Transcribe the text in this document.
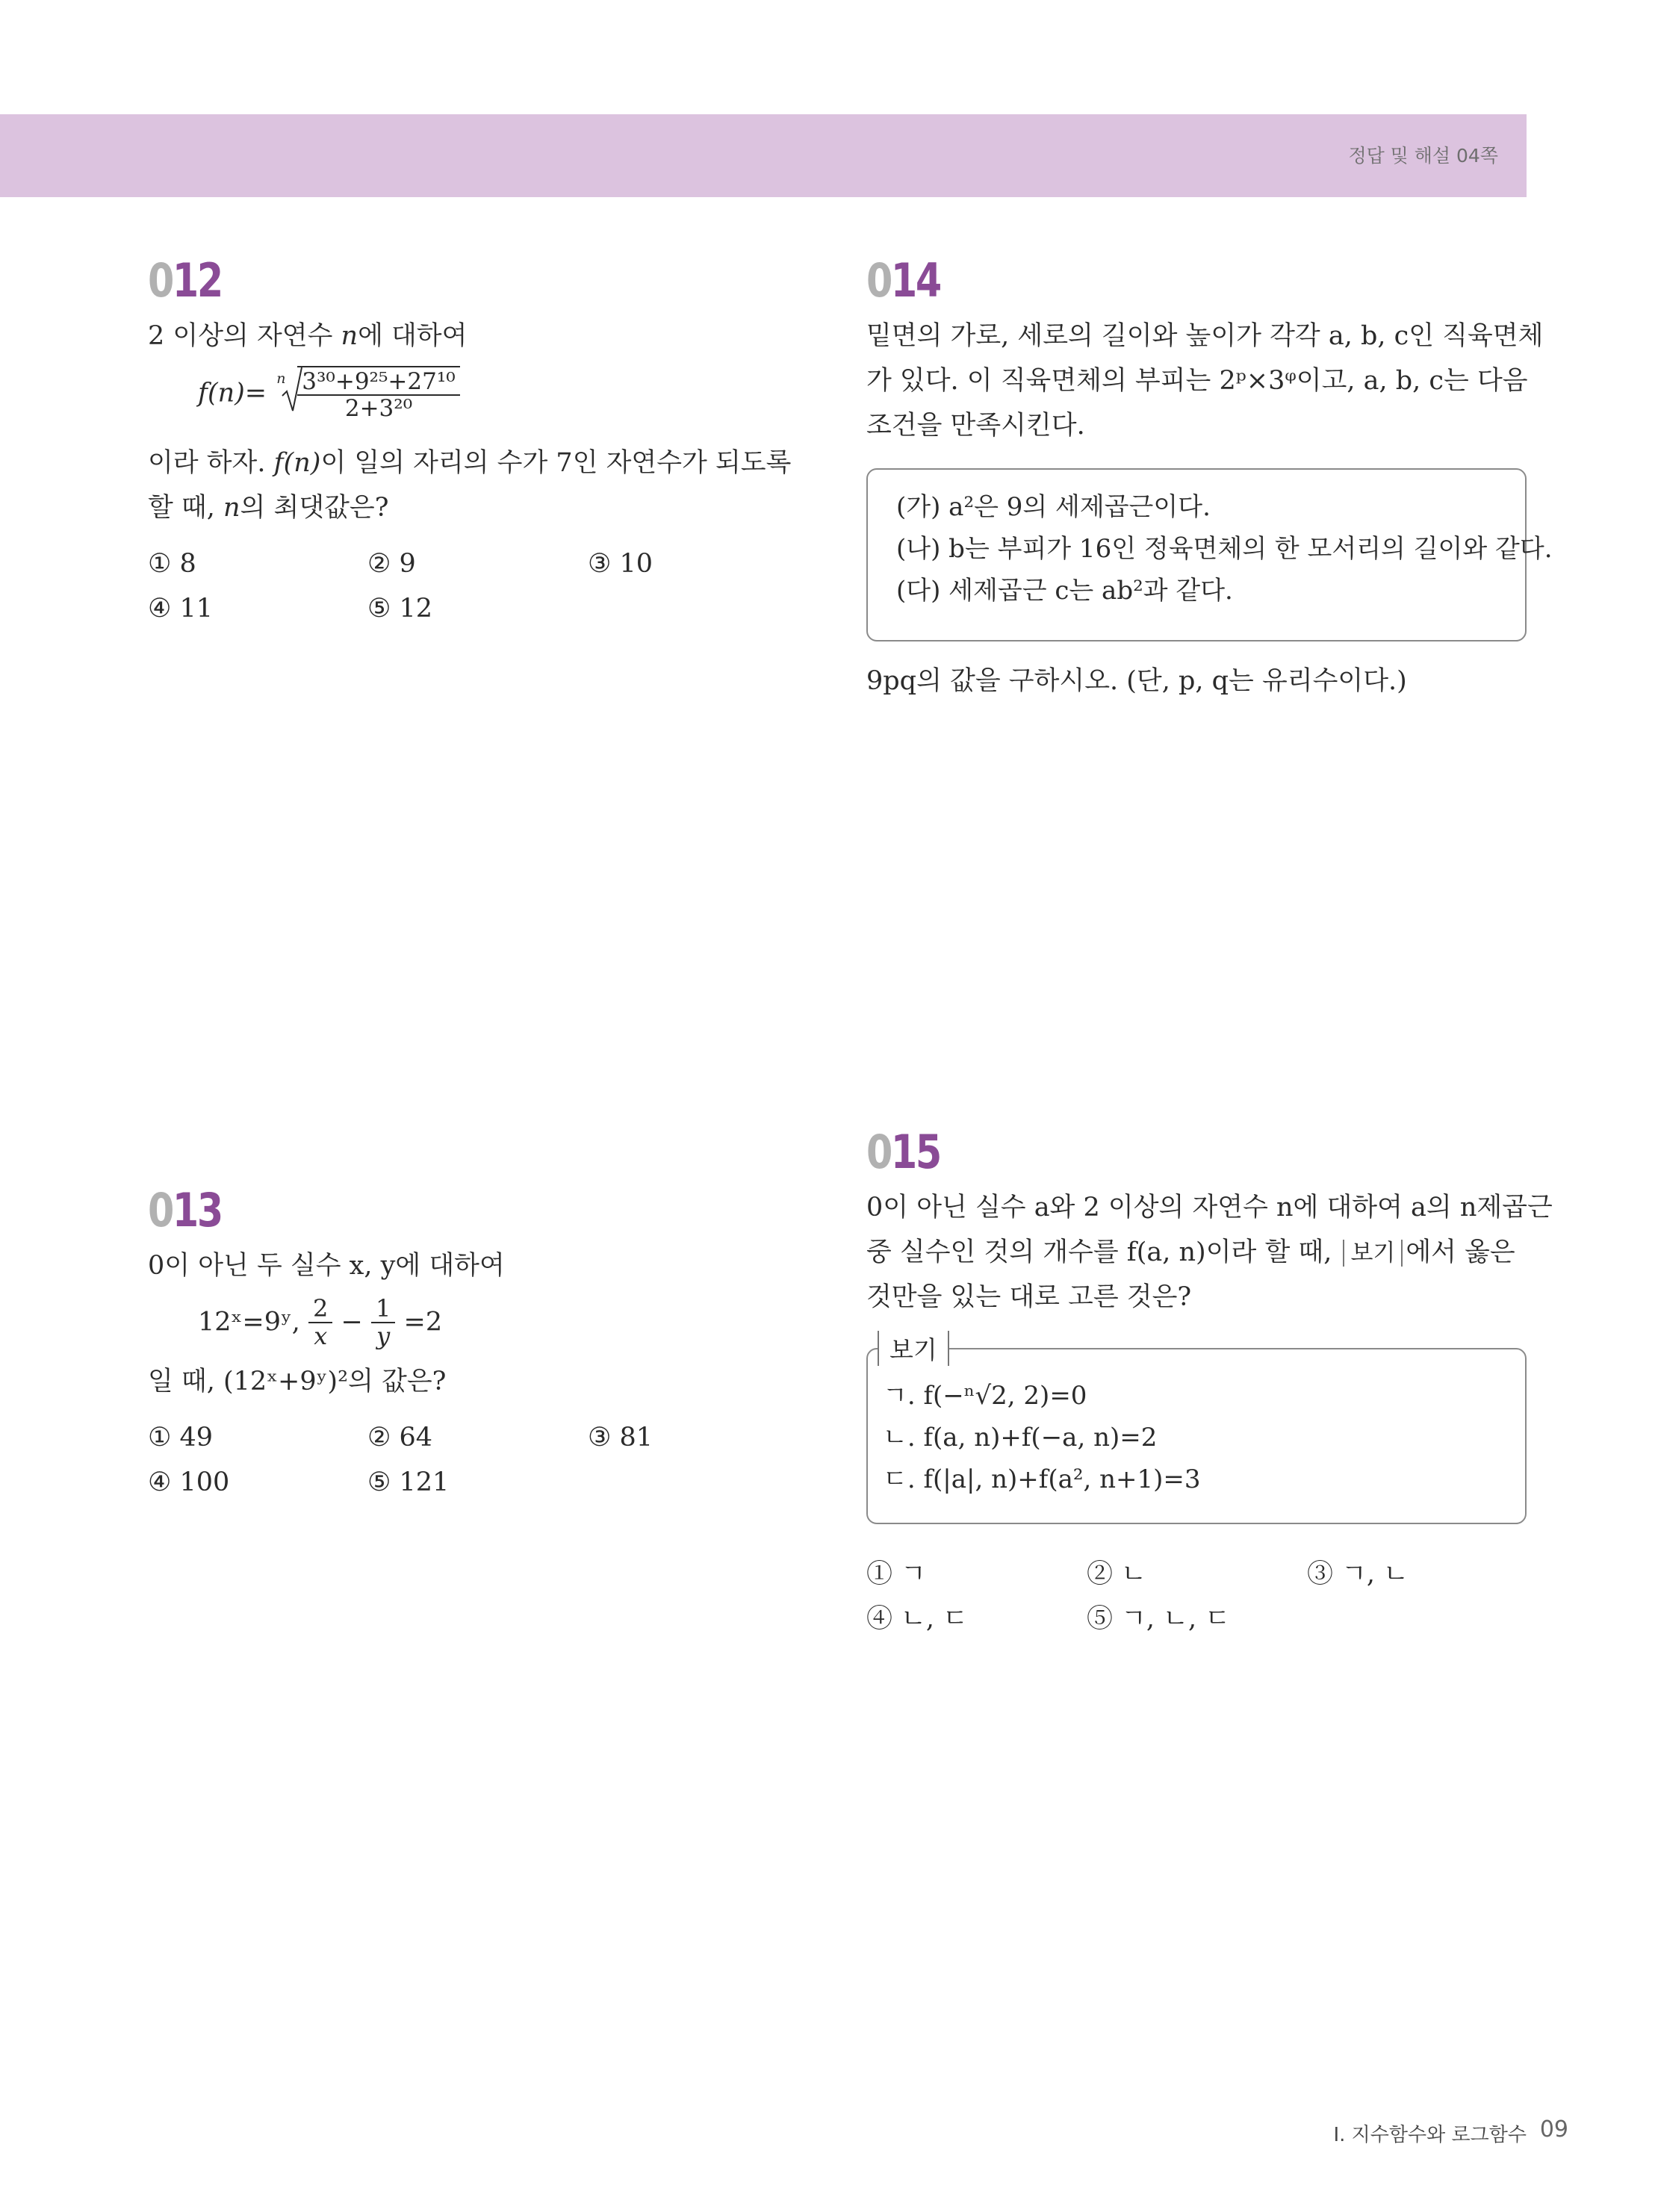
정답 및 해설 04쪽
012
2 이상의 자연수 n에 대하여
f(n)= n $\frac{\text{3³⁰+9²⁵+27¹⁰}}{\text{2+3²⁰}}$
이라 하자. f(n)이 일의 자리의 수가 7인 자연수가 되도록
할 때, n의 최댓값은?
① 8	② 9	③ 10
④ 11	⑤ 12
014
밑면의 가로, 세로의 길이와 높이가 각각 a, b, c인 직육면체
가 있다. 이 직육면체의 부피는 2ᵖ×3ᵠ이고, a, b, c는 다음
조건을 만족시킨다.
(가) a²은 9의 세제곱근이다.
(나) b는 부피가 16인 정육면체의 한 모서리의 길이와 같다.
(다) 세제곱근 c는 ab²과 같다.
9pq의 값을 구하시오. (단, p, q는 유리수이다.)
013
0이 아닌 두 실수 x, y에 대하여
12ˣ=9ʸ, $\frac{2}{x} - \frac{1}{y} =2$
일 때, (12ˣ+9ʸ)²의 값은?
① 49	② 64	③ 81
④ 100	⑤ 121
015
0이 아닌 실수 a와 2 이상의 자연수 n에 대하여 a의 n제곱근
중 실수인 것의 개수를 f(a, n)이라 할 때, 보기 에서 옳은
것만을 있는 대로 고른 것은?
ㄱ. f(−ⁿ√2, 2)=0
ㄴ. f(a, n)+f(−a, n)=2
ㄷ. f(|a|, n)+f(a², n+1)=3
보기
① ㄱ	② ㄴ	③ ㄱ, ㄴ
④ ㄴ, ㄷ	⑤ ㄱ, ㄴ, ㄷ
I. 지수함수와 로그함수 09
